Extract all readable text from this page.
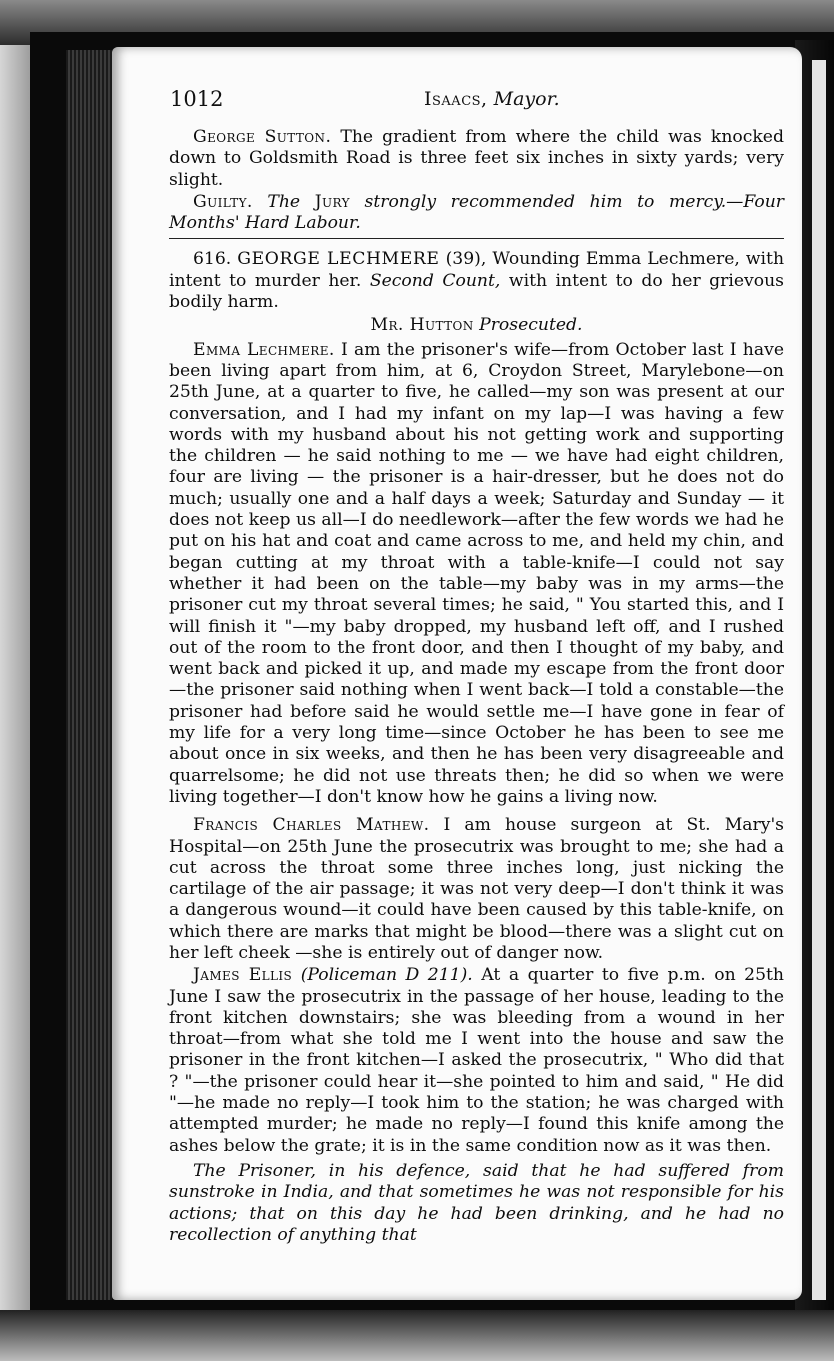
1012	Isaacs, Mayor.

George Sutton. The gradient from where the child was knocked down to Goldsmith Road is three feet six inches in sixty yards; very slight.

Guilty. The Jury strongly recommended him to mercy.—Four Months' Hard Labour.

616. GEORGE LECHMERE (39), Wounding Emma Lechmere, with intent to murder her. Second Count, with intent to do her grievous bodily harm.

Mr. Hutton Prosecuted.

Emma Lechmere. I am the prisoner's wife—from October last I have been living apart from him, at 6, Croydon Street, Marylebone—on 25th June, at a quarter to five, he called—my son was present at our conversation, and I had my infant on my lap—I was having a few words with my husband about his not getting work and supporting the children — he said nothing to me — we have had eight children, four are living — the prisoner is a hair-dresser, but he does not do much; usually one and a half days a week; Saturday and Sunday — it does not keep us all—I do needlework—after the few words we had he put on his hat and coat and came across to me, and held my chin, and began cutting at my throat with a table-knife—I could not say whether it had been on the table—my baby was in my arms—the prisoner cut my throat several times; he said, " You started this, and I will finish it "—my baby dropped, my husband left off, and I rushed out of the room to the front door, and then I thought of my baby, and went back and picked it up, and made my escape from the front door—the prisoner said nothing when I went back—I told a constable—the prisoner had before said he would settle me—I have gone in fear of my life for a very long time—since October he has been to see me about once in six weeks, and then he has been very disagreeable and quarrelsome; he did not use threats then; he did so when we were living together—I don't know how he gains a living now.

Francis Charles Mathew. I am house surgeon at St. Mary's Hospital—on 25th June the prosecutrix was brought to me; she had a cut across the throat some three inches long, just nicking the cartilage of the air passage; it was not very deep—I don't think it was a dangerous wound—it could have been caused by this table-knife, on which there are marks that might be blood—there was a slight cut on her left cheek —she is entirely out of danger now.

James Ellis (Policeman D 211). At a quarter to five p.m. on 25th June I saw the prosecutrix in the passage of her house, leading to the front kitchen downstairs; she was bleeding from a wound in her throat—from what she told me I went into the house and saw the prisoner in the front kitchen—I asked the prosecutrix, " Who did that ? "—the prisoner could hear it—she pointed to him and said, " He did "—he made no reply—I took him to the station; he was charged with attempted murder; he made no reply—I found this knife among the ashes below the grate; it is in the same condition now as it was then.

The Prisoner, in his defence, said that he had suffered from sunstroke in India, and that sometimes he was not responsible for his actions; that on this day he had been drinking, and he had no recollection of anything that
